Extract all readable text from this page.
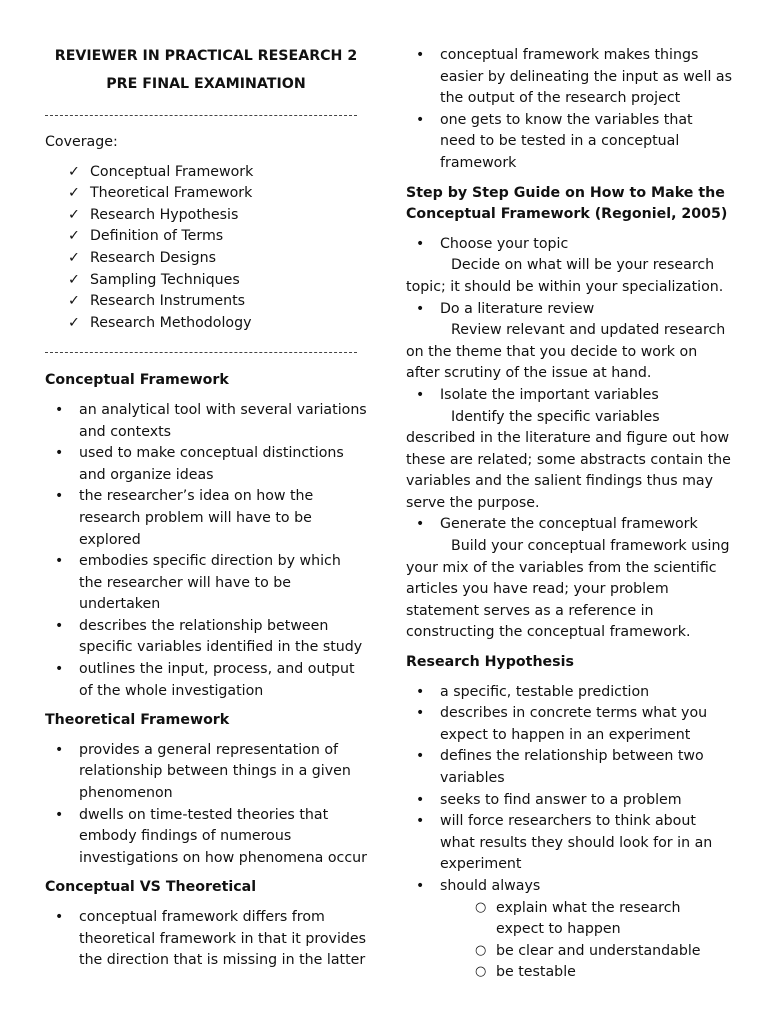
REVIEWER IN PRACTICAL RESEARCH 2

PRE FINAL EXAMINATION

Coverage:

✓ Conceptual Framework
✓ Theoretical Framework
✓ Research Hypothesis
✓ Definition of Terms
✓ Research Designs
✓ Sampling Techniques
✓ Research Instruments
✓ Research Methodology

Conceptual Framework

• an analytical tool with several variations and contexts
• used to make conceptual distinctions and organize ideas
• the researcher’s idea on how the research problem will have to be explored
• embodies specific direction by which the researcher will have to be undertaken
• describes the relationship between specific variables identified in the study
• outlines the input, process, and output of the whole investigation

Theoretical Framework

• provides a general representation of relationship between things in a given phenomenon
• dwells on time-tested theories that embody findings of numerous investigations on how phenomena occur

Conceptual VS Theoretical

• conceptual framework differs from theoretical framework in that it provides the direction that is missing in the latter
• conceptual framework makes things easier by delineating the input as well as the output of the research project
• one gets to know the variables that need to be tested in a conceptual framework

Step by Step Guide on How to Make the Conceptual Framework (Regoniel, 2005)

• Choose your topic

Decide on what will be your research topic; it should be within your specialization.

• Do a literature review

Review relevant and updated research on the theme that you decide to work on after scrutiny of the issue at hand.

• Isolate the important variables

Identify the specific variables described in the literature and figure out how these are related; some abstracts contain the variables and the salient findings thus may serve the purpose.

• Generate the conceptual framework

Build your conceptual framework using your mix of the variables from the scientific articles you have read; your problem statement serves as a reference in constructing the conceptual framework.

Research Hypothesis

• a specific, testable prediction
• describes in concrete terms what you expect to happen in an experiment
• defines the relationship between two variables
• seeks to find answer to a problem
• will force researchers to think about what results they should look for in an experiment
• should always
○ explain what the research expect to happen
○ be clear and understandable
○ be testable
